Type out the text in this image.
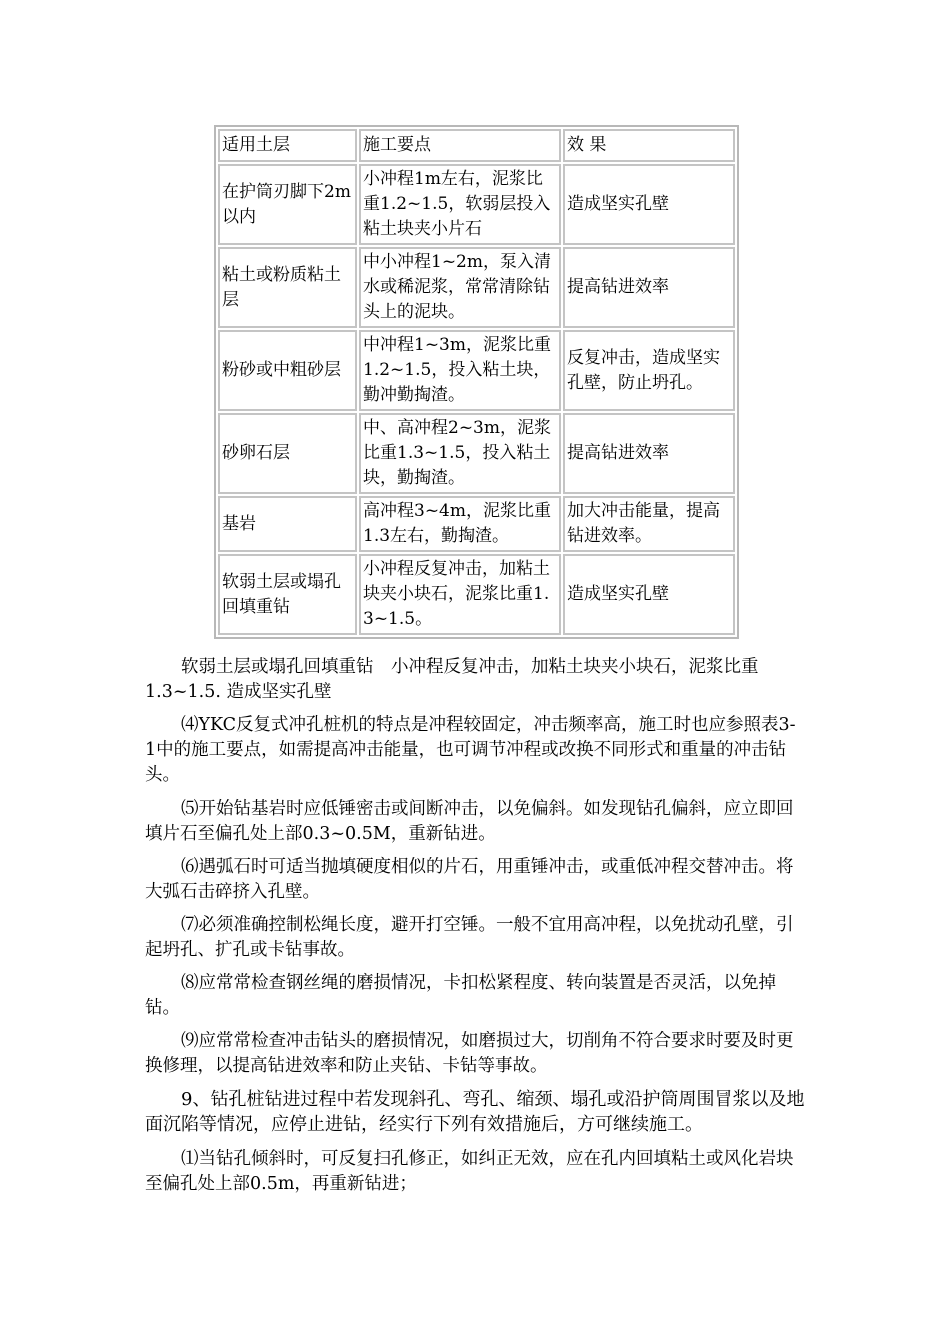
适用土层	施工要点	效 果
在护筒刃脚下2m以内	小冲程1m左右，泥浆比重1.2~1.5，软弱层投入粘土块夹小片石	造成坚实孔壁
粘土或粉质粘土层	中小冲程1~2m，泵入清水或稀泥浆，常常清除钻头上的泥块。	提高钻进效率
粉砂或中粗砂层	中冲程1~3m，泥浆比重1.2~1.5，投入粘土块，勤冲勤掏渣。	反复冲击，造成坚实孔壁，防止坍孔。
砂卵石层	中、高冲程2~3m，泥浆比重1.3~1.5，投入粘土块，勤掏渣。	提高钻进效率
基岩	高冲程3~4m，泥浆比重1.3左右，勤掏渣。	加大冲击能量，提高钻进效率。
软弱土层或塌孔回填重钻	小冲程反复冲击，加粘土块夹小块石，泥浆比重1.3~1.5。	造成坚实孔壁

软弱土层或塌孔回填重钻　小冲程反复冲击，加粘土块夹小块石，泥浆比重1.3~1.5. 造成坚实孔壁

⑷YKC反复式冲孔桩机的特点是冲程较固定，冲击频率高，施工时也应参照表3-1中的施工要点，如需提高冲击能量，也可调节冲程或改换不同形式和重量的冲击钻头。

⑸开始钻基岩时应低锤密击或间断冲击，以免偏斜。如发现钻孔偏斜，应立即回填片石至偏孔处上部0.3~0.5M，重新钻进。

⑹遇弧石时可适当抛填硬度相似的片石，用重锤冲击，或重低冲程交替冲击。将大弧石击碎挤入孔壁。

⑺必须准确控制松绳长度，避开打空锤。一般不宜用高冲程，以免扰动孔壁，引起坍孔、扩孔或卡钻事故。

⑻应常常检查钢丝绳的磨损情况，卡扣松紧程度、转向装置是否灵活，以免掉钻。

⑼应常常检查冲击钻头的磨损情况，如磨损过大，切削角不符合要求时要及时更换修理，以提高钻进效率和防止夹钻、卡钻等事故。

9、钻孔桩钻进过程中若发现斜孔、弯孔、缩颈、塌孔或沿护筒周围冒浆以及地面沉陷等情况，应停止进钻，经实行下列有效措施后，方可继续施工。

⑴当钻孔倾斜时，可反复扫孔修正，如纠正无效，应在孔内回填粘土或风化岩块至偏孔处上部0.5m，再重新钻进；
